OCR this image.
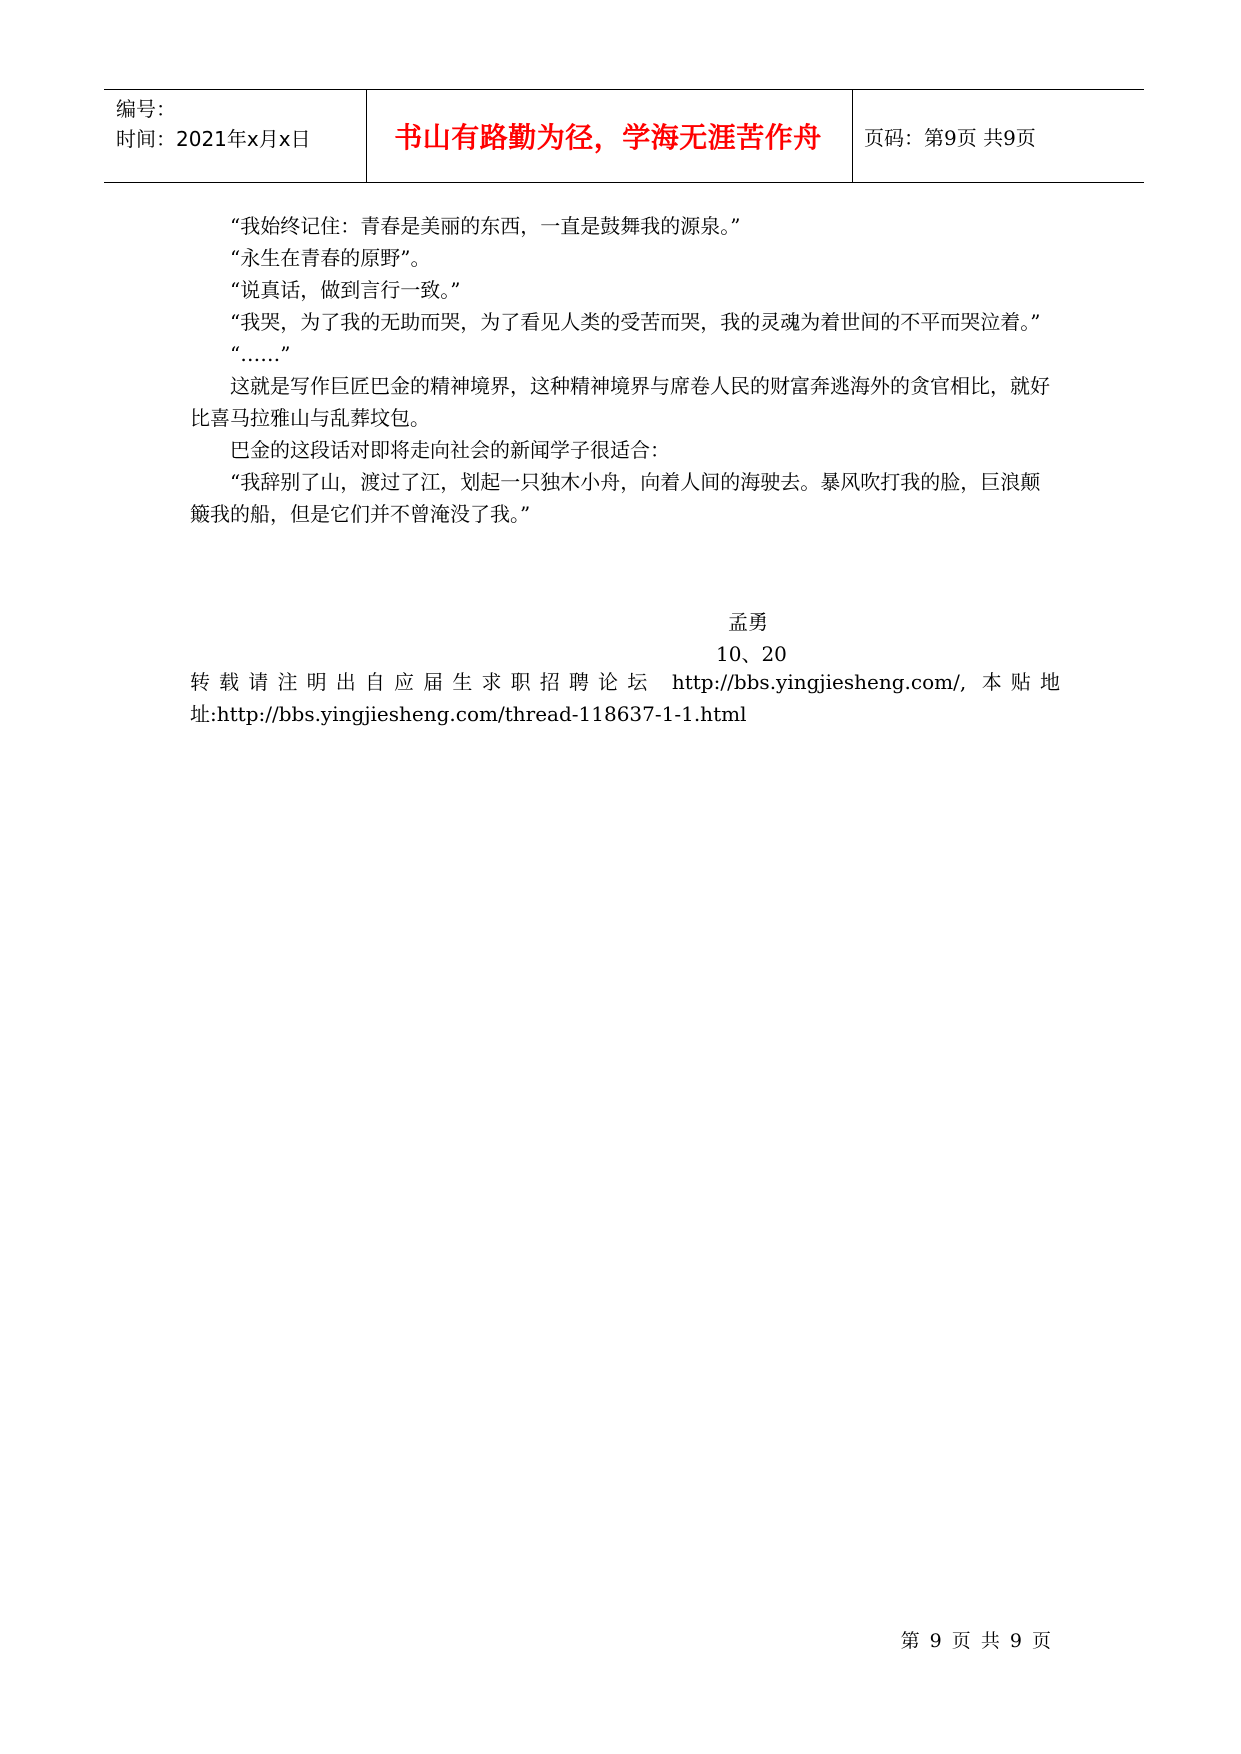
编号：
时间：2021年x月x日	书山有路勤为径，学海无涯苦作舟	页码：第9页 共9页

“我始终记住：青春是美丽的东西，一直是鼓舞我的源泉。”

“永生在青春的原野”。

“说真话，做到言行一致。”

“我哭，为了我的无助而哭，为了看见人类的受苦而哭，我的灵魂为着世间的不平而哭泣着。”

“……”

这就是写作巨匠巴金的精神境界，这种精神境界与席卷人民的财富奔逃海外的贪官相比，就好比喜马拉雅山与乱葬坟包。

巴金的这段话对即将走向社会的新闻学子很适合：

“我辞别了山，渡过了江，划起一只独木小舟，向着人间的海驶去。暴风吹打我的脸，巨浪颠簸我的船，但是它们并不曾淹没了我。”

孟勇
10、20
转载请注明出自应届生求职招聘论坛 http://bbs.yingjiesheng.com/, 本贴地址:http://bbs.yingjiesheng.com/thread-118637-1-1.html
第 9 页 共 9 页
